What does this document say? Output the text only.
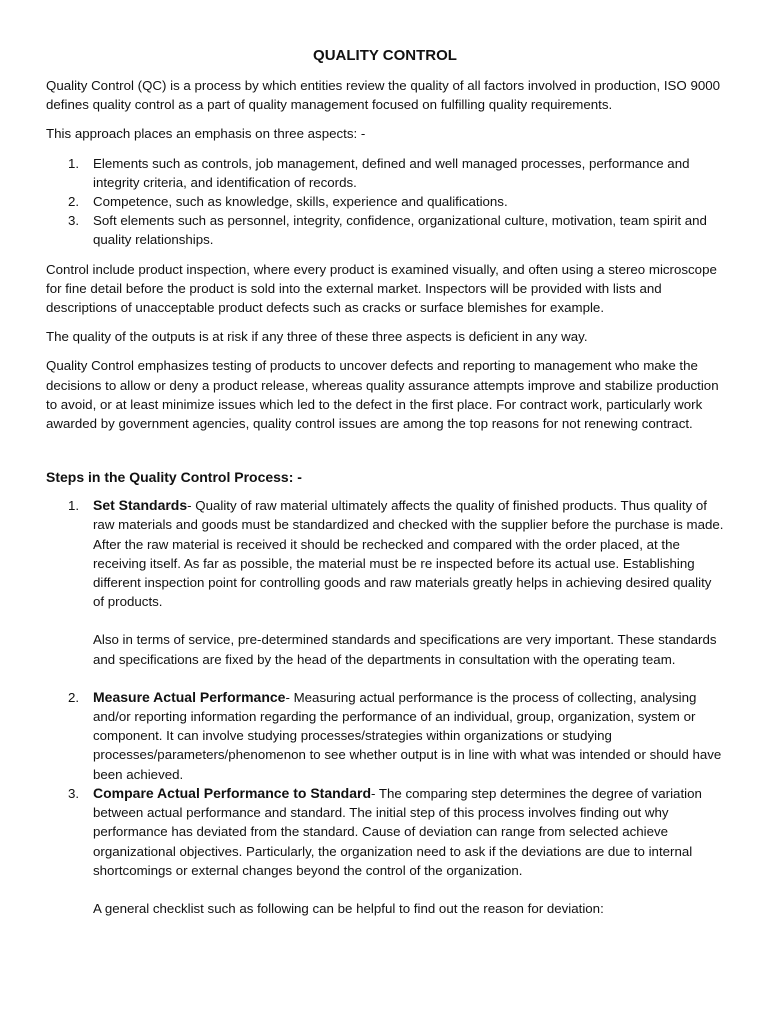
QUALITY CONTROL

Quality Control (QC) is a process by which entities review the quality of all factors involved in production, ISO 9000 defines quality control as a part of quality management focused on fulfilling quality requirements.

This approach places an emphasis on three aspects: -

1. Elements such as controls, job management, defined and well managed processes, performance and integrity criteria, and identification of records.
2. Competence, such as knowledge, skills, experience and qualifications.
3. Soft elements such as personnel, integrity, confidence, organizational culture, motivation, team spirit and quality relationships.

Control include product inspection, where every product is examined visually, and often using a stereo microscope for fine detail before the product is sold into the external market. Inspectors will be provided with lists and descriptions of unacceptable product defects such as cracks or surface blemishes for example.

The quality of the outputs is at risk if any three of these three aspects is deficient in any way.

Quality Control emphasizes testing of products to uncover defects and reporting to management who make the decisions to allow or deny a product release, whereas quality assurance attempts improve and stabilize production to avoid, or at least minimize issues which led to the defect in the first place. For contract work, particularly work awarded by government agencies, quality control issues are among the top reasons for not renewing contract.

Steps in the Quality Control Process: -
1. Set Standards- Quality of raw material ultimately affects the quality of finished products. Thus quality of raw materials and goods must be standardized and checked with the supplier before the purchase is made. After the raw material is received it should be rechecked and compared with the order placed, at the receiving itself. As far as possible, the material must be re inspected before its actual use. Establishing different inspection point for controlling goods and raw materials greatly helps in achieving desired quality of products.

Also in terms of service, pre-determined standards and specifications are very important. These standards and specifications are fixed by the head of the departments in consultation with the operating team.

2. Measure Actual Performance- Measuring actual performance is the process of collecting, analysing and/or reporting information regarding the performance of an individual, group, organization, system or component. It can involve studying processes/strategies within organizations or studying processes/parameters/phenomenon to see whether output is in line with what was intended or should have been achieved.
3. Compare Actual Performance to Standard- The comparing step determines the degree of variation between actual performance and standard. The initial step of this process involves finding out why performance has deviated from the standard. Cause of deviation can range from selected achieve organizational objectives. Particularly, the organization need to ask if the deviations are due to internal shortcomings or external changes beyond the control of the organization.

A general checklist such as following can be helpful to find out the reason for deviation:
